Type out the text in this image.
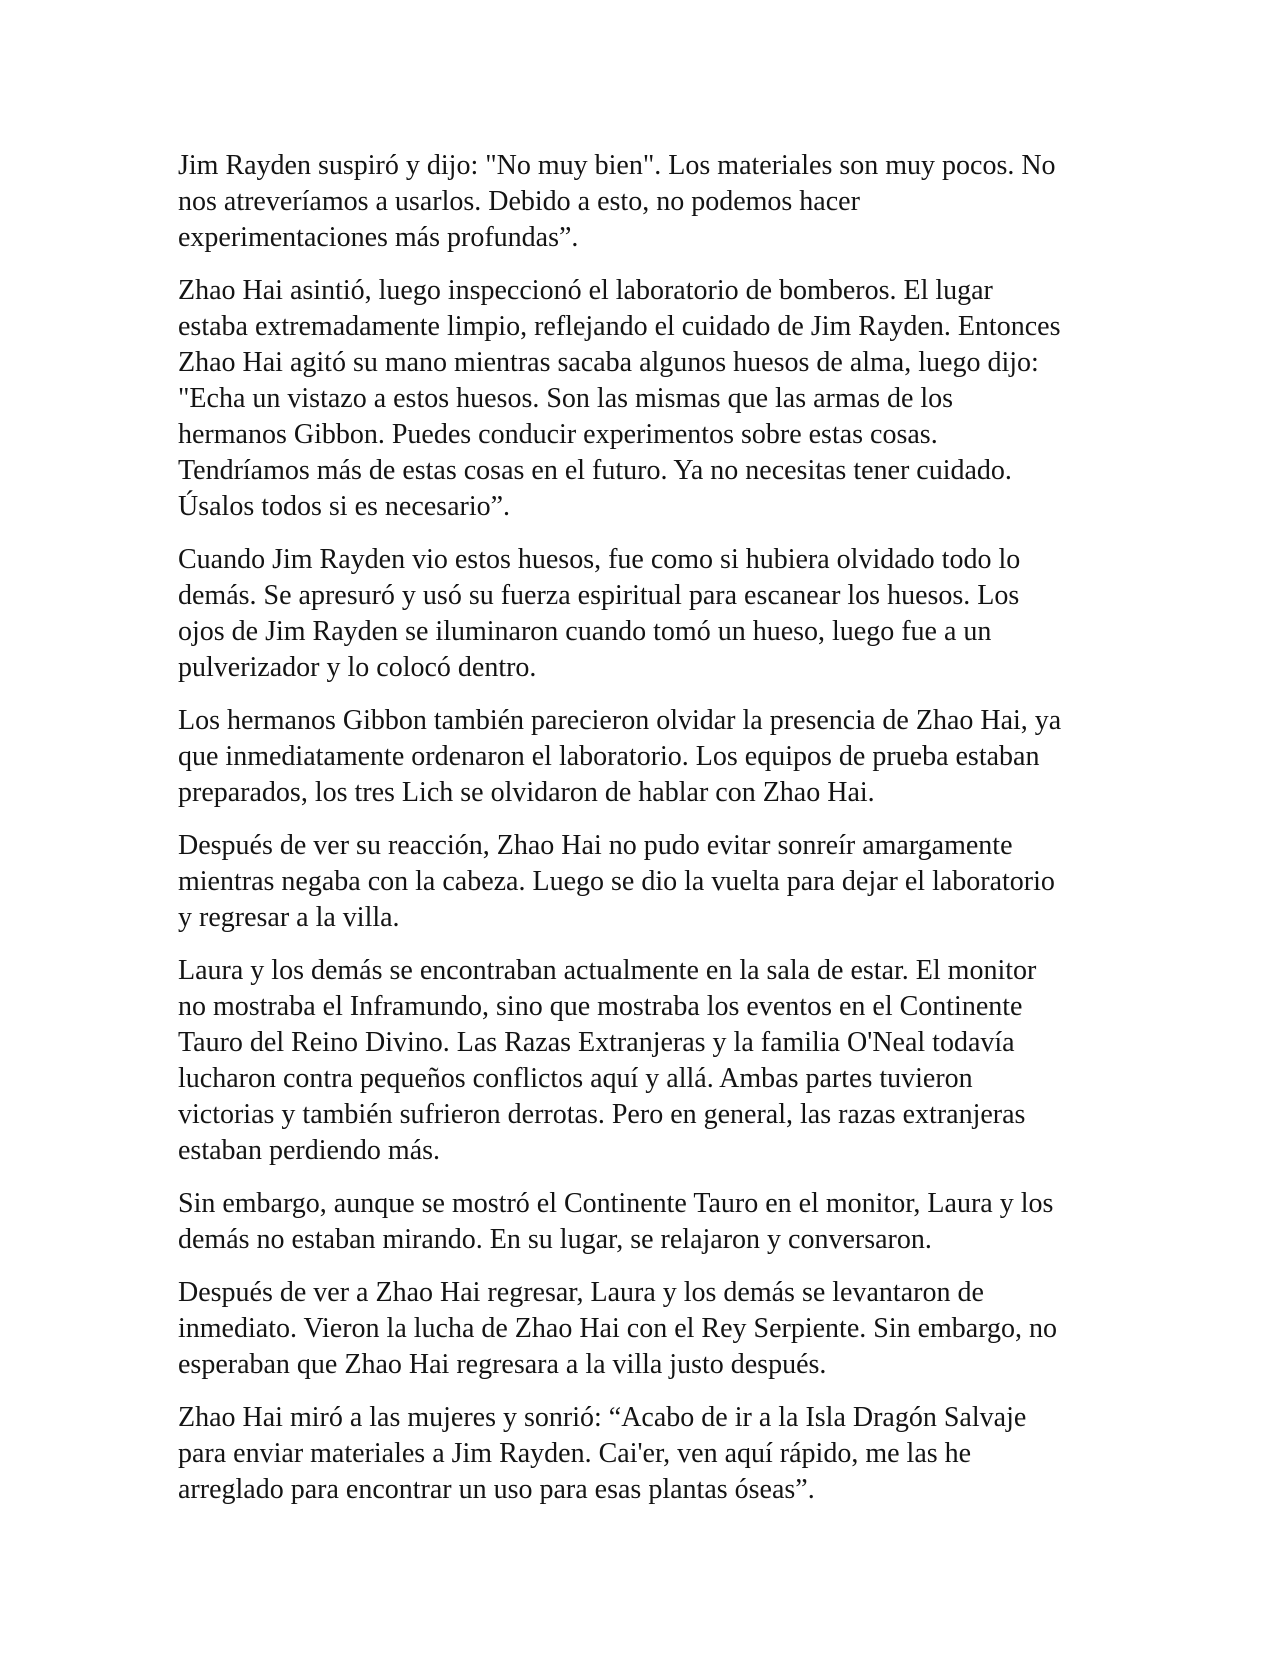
Jim Rayden suspiró y dijo: "No muy bien". Los materiales son muy pocos. No
nos atreveríamos a usarlos. Debido a esto, no podemos hacer
experimentaciones más profundas”.

Zhao Hai asintió, luego inspeccionó el laboratorio de bomberos. El lugar
estaba extremadamente limpio, reflejando el cuidado de Jim Rayden. Entonces
Zhao Hai agitó su mano mientras sacaba algunos huesos de alma, luego dijo:
"Echa un vistazo a estos huesos. Son las mismas que las armas de los
hermanos Gibbon. Puedes conducir experimentos sobre estas cosas.
Tendríamos más de estas cosas en el futuro. Ya no necesitas tener cuidado.
Úsalos todos si es necesario”.

Cuando Jim Rayden vio estos huesos, fue como si hubiera olvidado todo lo
demás. Se apresuró y usó su fuerza espiritual para escanear los huesos. Los
ojos de Jim Rayden se iluminaron cuando tomó un hueso, luego fue a un
pulverizador y lo colocó dentro.

Los hermanos Gibbon también parecieron olvidar la presencia de Zhao Hai, ya
que inmediatamente ordenaron el laboratorio. Los equipos de prueba estaban
preparados, los tres Lich se olvidaron de hablar con Zhao Hai.

Después de ver su reacción, Zhao Hai no pudo evitar sonreír amargamente
mientras negaba con la cabeza. Luego se dio la vuelta para dejar el laboratorio
y regresar a la villa.

Laura y los demás se encontraban actualmente en la sala de estar. El monitor
no mostraba el Inframundo, sino que mostraba los eventos en el Continente
Tauro del Reino Divino. Las Razas Extranjeras y la familia O'Neal todavía
lucharon contra pequeños conflictos aquí y allá. Ambas partes tuvieron
victorias y también sufrieron derrotas. Pero en general, las razas extranjeras
estaban perdiendo más.

Sin embargo, aunque se mostró el Continente Tauro en el monitor, Laura y los
demás no estaban mirando. En su lugar, se relajaron y conversaron.

Después de ver a Zhao Hai regresar, Laura y los demás se levantaron de
inmediato. Vieron la lucha de Zhao Hai con el Rey Serpiente. Sin embargo, no
esperaban que Zhao Hai regresara a la villa justo después.

Zhao Hai miró a las mujeres y sonrió: “Acabo de ir a la Isla Dragón Salvaje
para enviar materiales a Jim Rayden. Cai'er, ven aquí rápido, me las he
arreglado para encontrar un uso para esas plantas óseas”.
